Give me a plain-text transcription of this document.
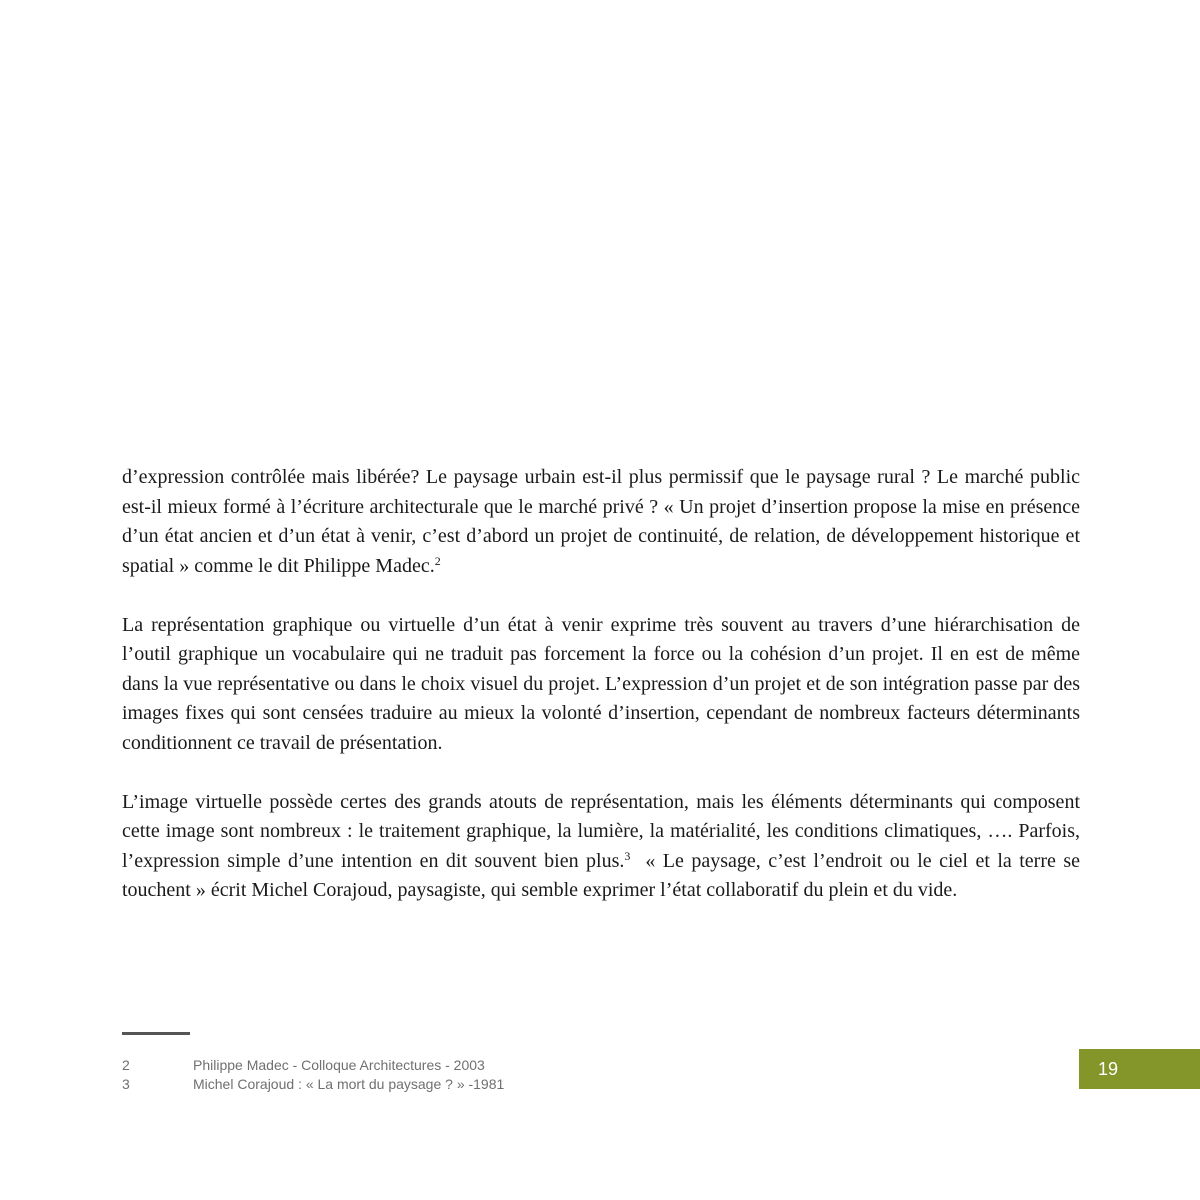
d’expression contrôlée mais libérée? Le paysage urbain est-il plus permissif que le paysage rural ? Le marché public est-il mieux formé à l’écriture architecturale que le marché privé ? « Un projet d’insertion propose la mise en présence d’un état ancien et d’un état à venir, c’est d’abord un projet de continuité, de relation, de développement historique et spatial » comme le dit Philippe Madec.$^2$

La représentation graphique ou virtuelle d’un état à venir exprime très souvent au travers d’une hiérarchisation de l’outil graphique un vocabulaire qui ne traduit pas forcement la force ou la cohésion d’un projet. Il en est de même dans la vue représentative ou dans le choix visuel du projet. L’expression d’un projet et de son intégration passe par des images fixes qui sont censées traduire au mieux la volonté d’insertion, cependant de nombreux facteurs déterminants conditionnent ce travail de présentation.

L’image virtuelle possède certes des grands atouts de représentation, mais les éléments déterminants qui composent cette image sont nombreux : le traitement graphique, la lumière, la matérialité, les conditions climatiques, …. Parfois, l’expression simple d’une intention en dit souvent bien plus.$^3$  « Le paysage, c’est l’endroit ou le ciel et la terre se touchent » écrit Michel Corajoud, paysagiste, qui semble exprimer l’état collaboratif du plein et du vide.

2	Philippe Madec - Colloque Architectures - 2003
3	Michel Corajoud : « La mort du paysage ? » -1981
19
